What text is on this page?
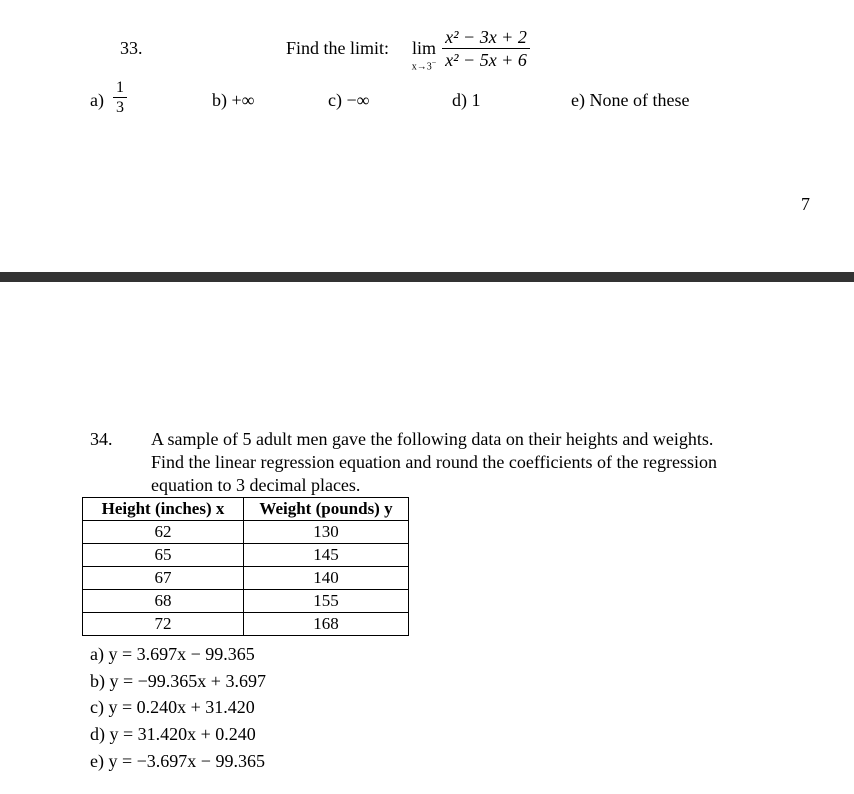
33.	Find the limit: lim
x→3−
x² − 3x + 2
x² − 5x + 6
a)
1
3	b) +∞	c) −∞	d) 1	e) None of these
7
34. A sample of 5 adult men gave the following data on their heights and weights.
Find the linear regression equation and round the coefficients of the regression
equation to 3 decimal places.
Height (inches) x	Weight (pounds) y
62	130
65	145
67	140
68	155
72	168
a) y = 3.697x − 99.365
b) y = −99.365x + 3.697
c) y = 0.240x + 31.420
d) y = 31.420x + 0.240
e) y = −3.697x − 99.365
